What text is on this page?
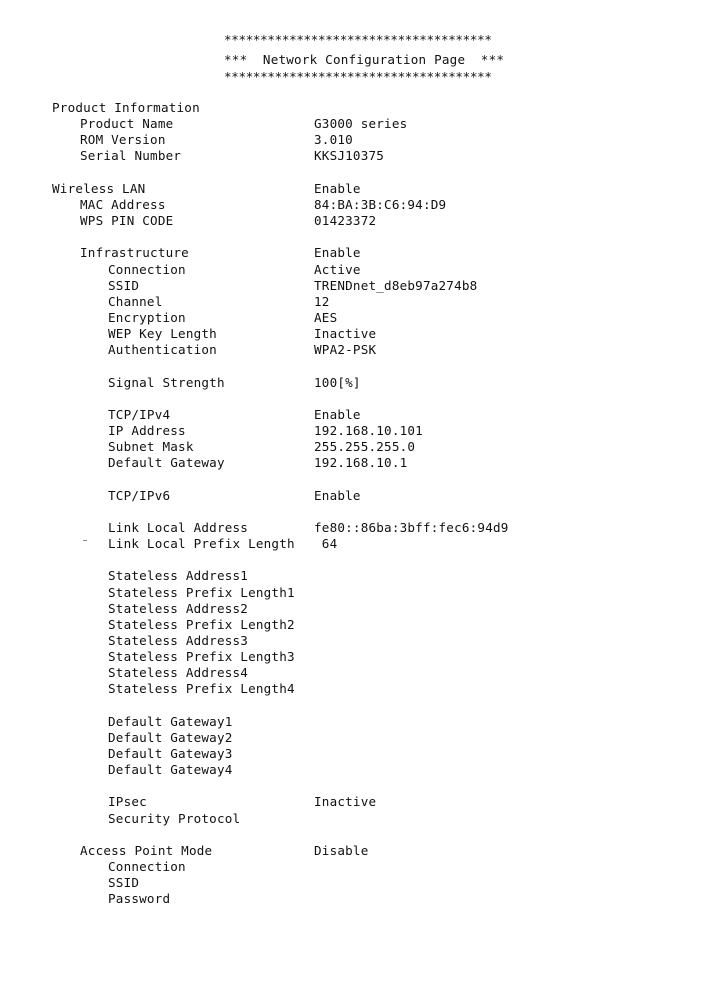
*************************************
***  Network Configuration Page  ***
*************************************
Product Information
Product Name	G3000 series
ROM Version	3.010
Serial Number	KKSJ10375
Wireless LAN	Enable
MAC Address	84:BA:3B:C6:94:D9
WPS PIN CODE	01423372
Infrastructure	Enable
Connection	Active
SSID	TRENDnet_d8eb97a274b8
Channel	12
Encryption	AES
WEP Key Length	Inactive
Authentication	WPA2-PSK
Signal Strength	100[%]
TCP/IPv4	Enable
IP Address	192.168.10.101
Subnet Mask	255.255.255.0
Default Gateway	192.168.10.1
TCP/IPv6	Enable
Link Local Address	fe80::86ba:3bff:fec6:94d9
Link Local Prefix Length 64
Stateless Address1
Stateless Prefix Length1
Stateless Address2
Stateless Prefix Length2
Stateless Address3
Stateless Prefix Length3
Stateless Address4
Stateless Prefix Length4
Default Gateway1
Default Gateway2
Default Gateway3
Default Gateway4
IPsec	Inactive
Security Protocol
Access Point Mode	Disable
Connection
SSID
Password
